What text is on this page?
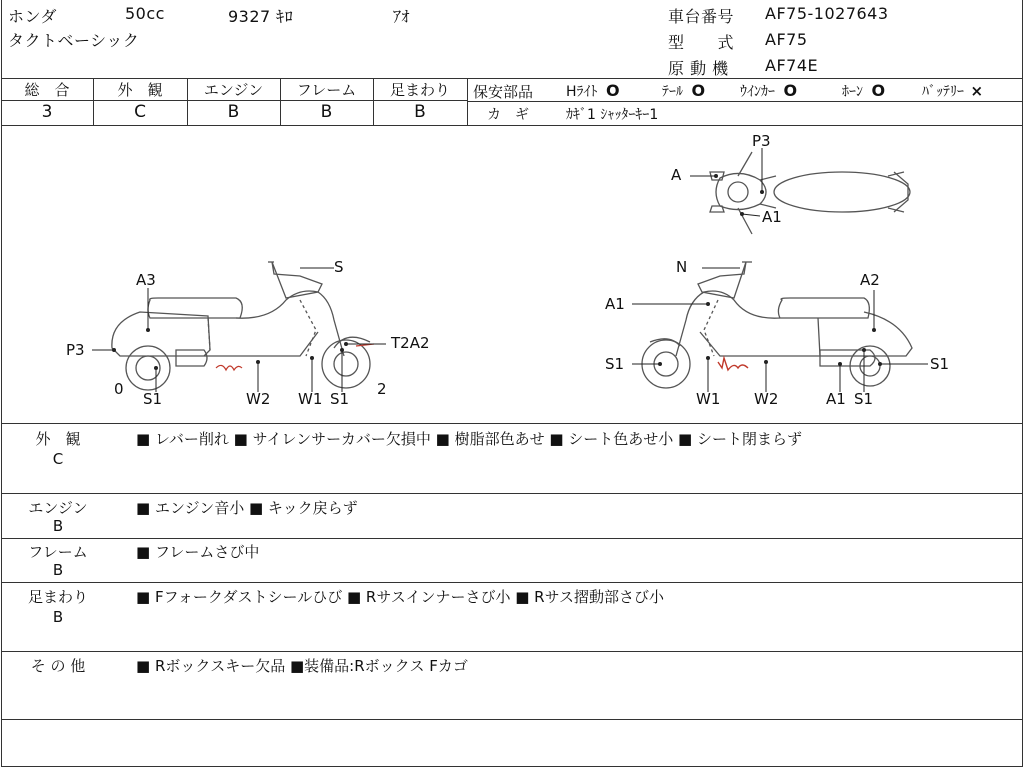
ホンダ	50cc	9327 ｷﾛ	ｱｵ
タクトベーシック
車台番号 AF75-1027643
型　　式 AF75
原 動 機 AF74E
総　合	外　観	エンジン	フレーム	足まわり
3	C	B	B	B
保安部品 Hﾗｲﾄ O	ﾃｰﾙ O ｳｲﾝｶｰ O	ﾎｰﾝ O	ﾊﾞｯﾃﾘｰ ×
カ　ギ	ｶｷﾞ1 ｼｬｯﾀｰｷｰ1
A3
S
P3	T2A2
0
S1	W2 W1 S1
2
N
A2
A1
S1	S1
W1 W2	A1 S1
P3
A
A1
外　観
C
■ レバー削れ ■ サイレンサーカバー欠損中 ■ 樹脂部色あせ ■ シート色あせ小 ■ シート閉まらず
エンジン
B
■ エンジン音小 ■ キック戻らず
フレーム
B
■ フレームさび中
足まわり
B
■ Fフォークダストシールひび ■ Rサスインナーさび小 ■ Rサス摺動部さび小
そ の 他	■ Rボックスキー欠品 ■装備品:Rボックス Fカゴ
